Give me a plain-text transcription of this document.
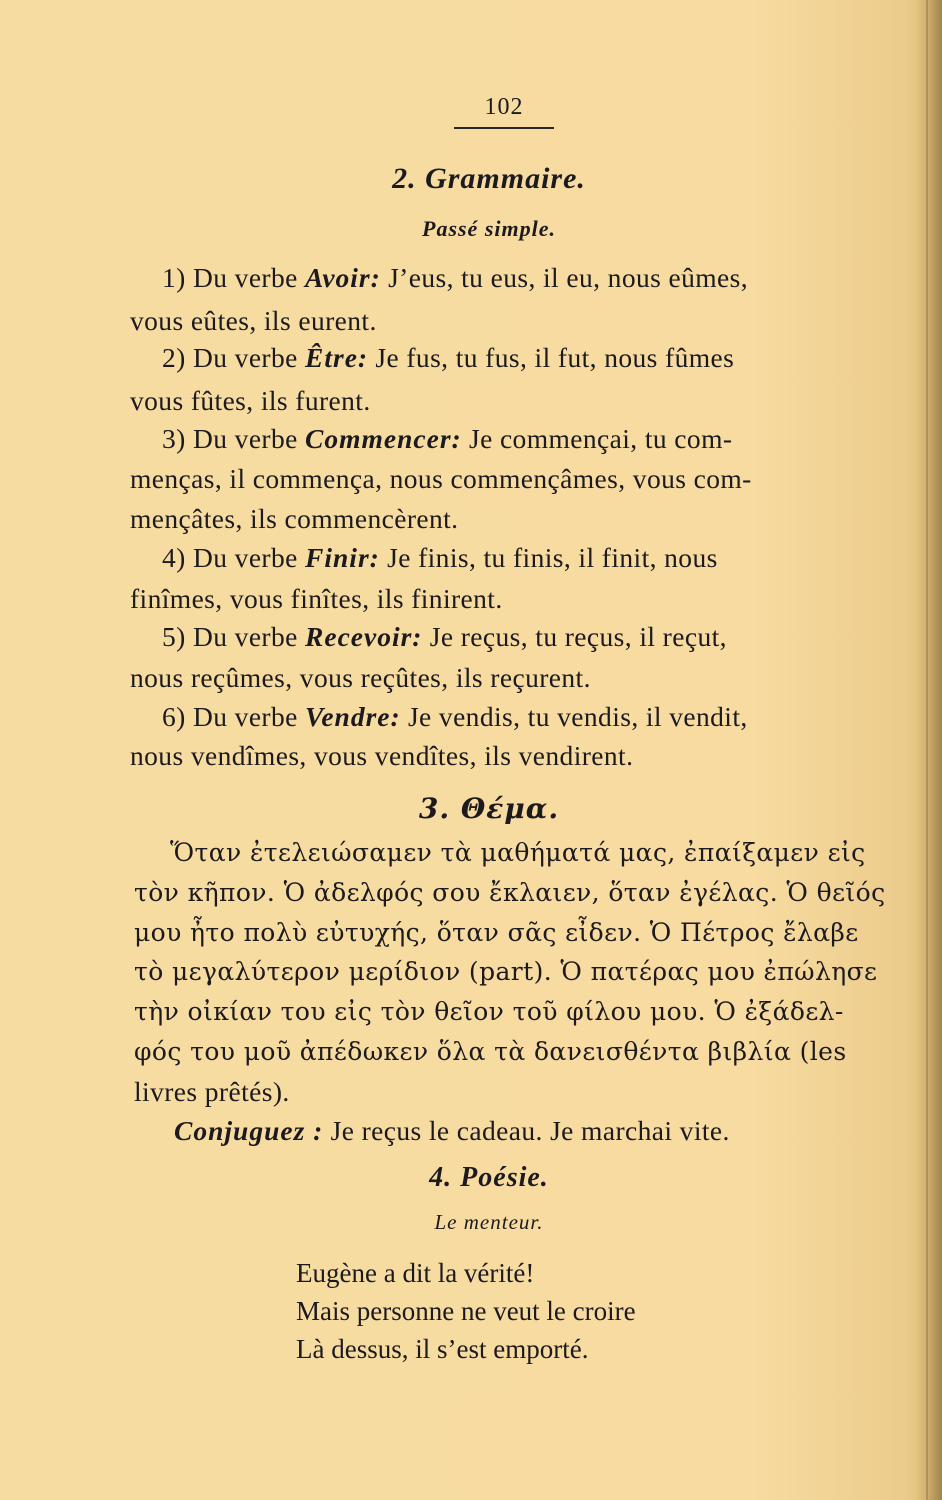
102
2. Grammaire.
Passé simple.
1) Du verbe Avoir: J’eus, tu eus, il eu, nous eûmes,
vous eûtes, ils eurent.
2) Du verbe Être: Je fus, tu fus, il fut, nous fûmes
vous fûtes, ils furent.
3) Du verbe Commencer: Je commençai, tu com-
menças, il commença, nous commençâmes, vous com-
mençâtes, ils commencèrent.
4) Du verbe Finir: Je finis, tu finis, il finit, nous
finîmes, vous finîtes, ils finirent.
5) Du verbe Recevoir: Je reçus, tu reçus, il reçut,
nous reçûmes, vous reçûtes, ils reçurent.
6) Du verbe Vendre: Je vendis, tu vendis, il vendit,
nous vendîmes, vous vendîtes, ils vendirent.
3. Θέμα.
Ὅταν ἐτελειώσαμεν τὰ μαθήματά μας, ἐπαίξαμεν εἰς
τὸν κῆπον. Ὁ ἀδελφός σου ἔκλαιεν, ὅταν ἐγέλας. Ὁ θεῖός
μου ἦτο πολὺ εὐτυχής, ὅταν σᾶς εἶδεν. Ὁ Πέτρος ἔλαβε
τὸ μεγαλύτερον μερίδιον (part). Ὁ πατέρας μου ἐπώλησε
τὴν οἰκίαν του εἰς τὸν θεῖον τοῦ φίλου μου. Ὁ ἐξάδελ-
φός του μοῦ ἀπέδωκεν ὅλα τὰ δανεισθέντα βιβλία (les
livres prêtés).
Conjuguez : Je reçus le cadeau. Je marchai vite.
4. Poésie.
Le menteur.
Eugène a dit la vérité!
Mais personne ne veut le croire
Là dessus, il s’est emporté.
